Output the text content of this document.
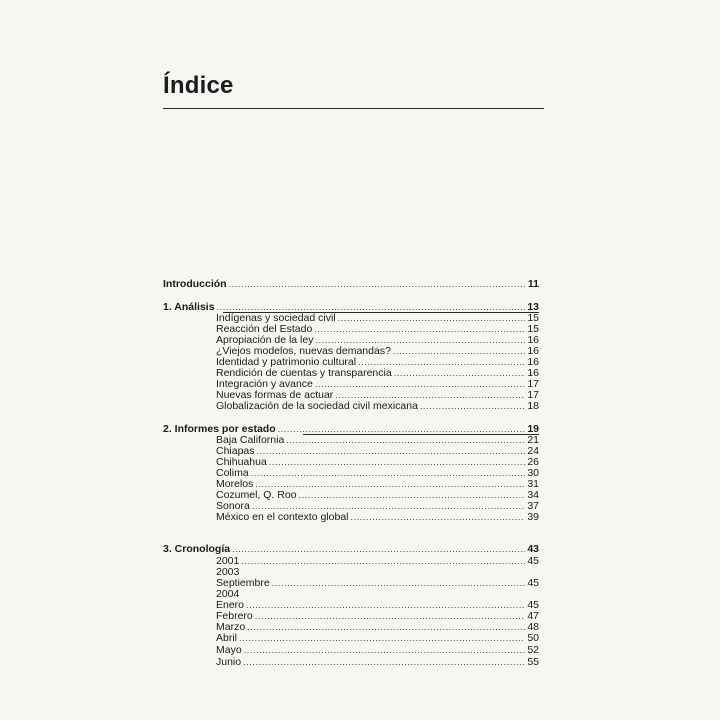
Índice
Introducción .....	11
1. Análisis .....	13
Indígenas y sociedad civil .....	15
Reacción del Estado .....	15
Apropiación de la ley .....	16
¿Viejos modelos, nuevas demandas? .....	16
Identidad y patrimonio cultural .....	16
Rendición de cuentas y transparencia .....	16
Integración y avance .....	17
Nuevas formas de actuar .....	17
Globalización de la sociedad civil mexicana .....	18
2. Informes por estado .....	19
Baja California .....	21
Chiapas .....	24
Chihuahua .....	26
Colima .....	30
Morelos .....	31
Cozumel, Q. Roo .....	34
Sonora .....	37
México en el contexto global .....	39
3. Cronología .....	43
2001 .....	45
2003
Septiembre .....	45
2004
Enero .....	45
Febrero .....	47
Marzo .....	48
Abril .....	50
Mayo .....	52
Junio .....	55
